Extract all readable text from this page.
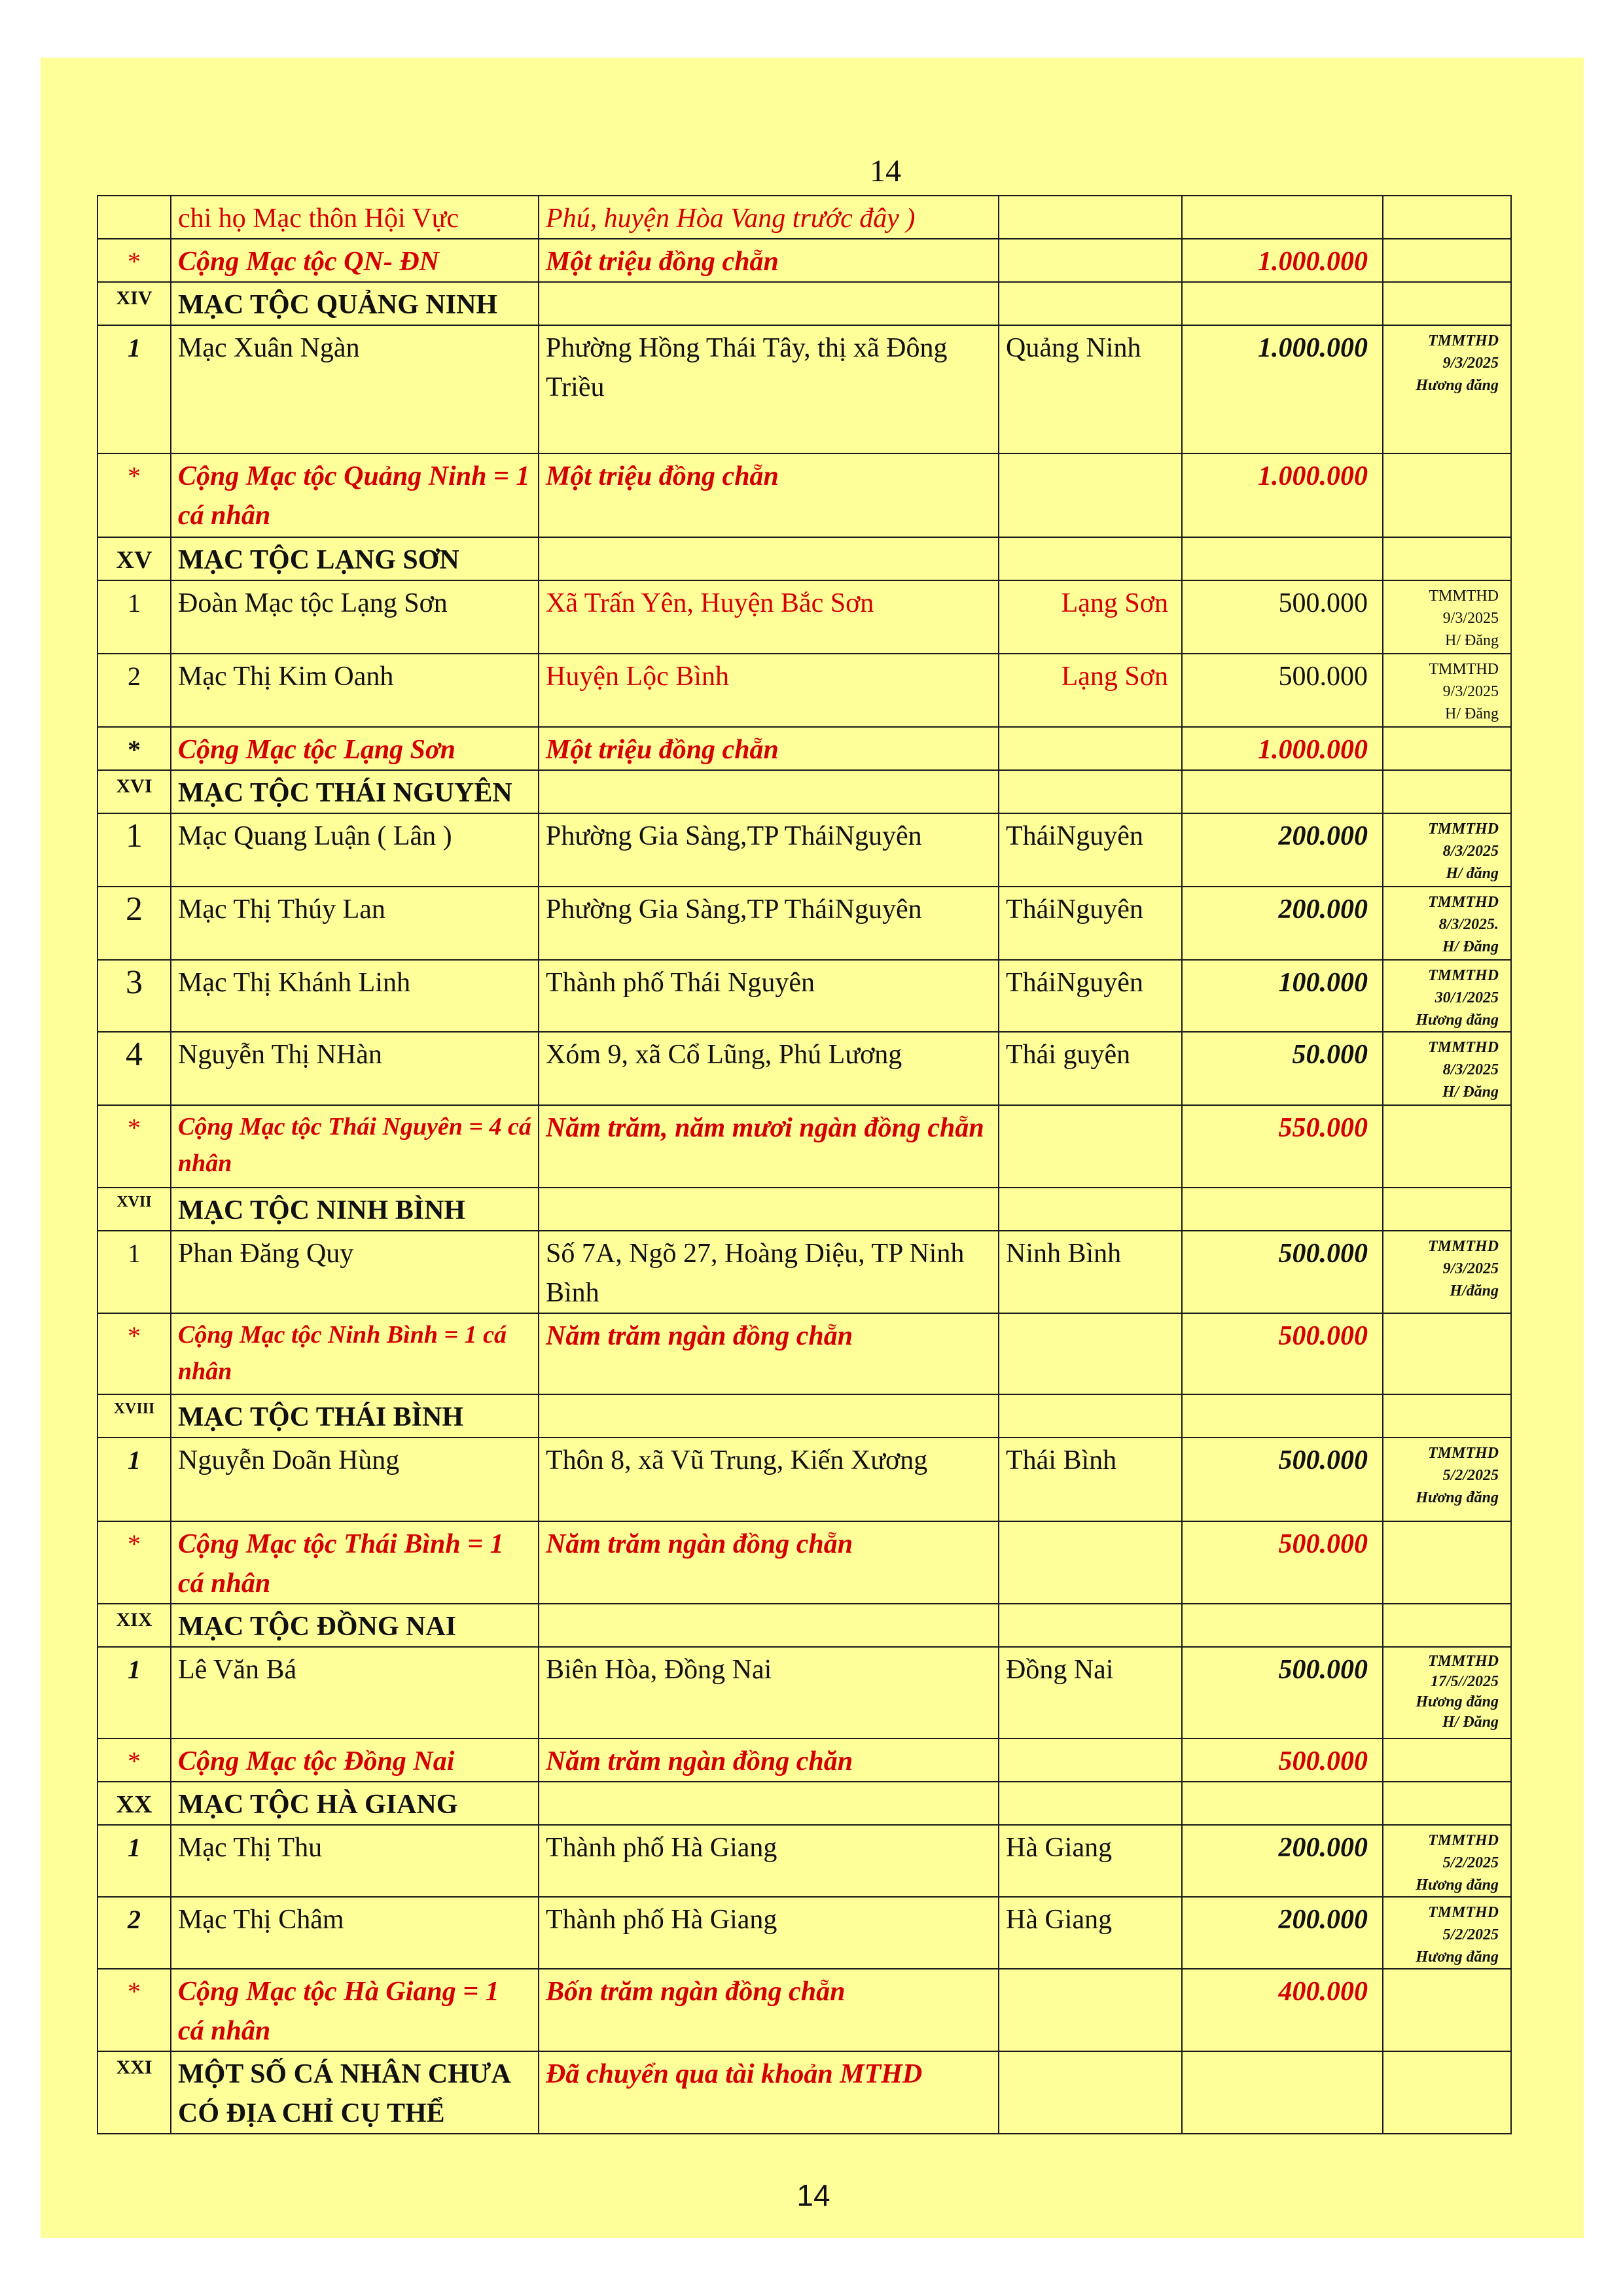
14
	chi họ Mạc thôn Hội Vực	Phú, huyện Hòa Vang trước đây )			
*	Cộng Mạc tộc QN- ĐN	Một triệu đồng chẵn		1.000.000	
XIV	MẠC TỘC QUẢNG NINH				
1	Mạc Xuân Ngàn	Phường Hồng Thái Tây, thị xã Đông Triều	Quảng Ninh	1.000.000	TMMTHD
9/3/2025
Hương đăng

*	Cộng Mạc tộc Quảng Ninh = 1 cá nhân	Một triệu đồng chẵn		1.000.000	
XV	MẠC TỘC LẠNG SƠN				
1	Đoàn Mạc tộc Lạng Sơn	Xã Trấn Yên, Huyện Bắc Sơn	Lạng Sơn	500.000	TMMTHD
9/3/2025
H/ Đăng

2	Mạc Thị Kim Oanh	Huyện Lộc Bình	Lạng Sơn	500.000	TMMTHD
9/3/2025
H/ Đăng

*	Cộng Mạc tộc Lạng Sơn	Một triệu đồng chẵn		1.000.000	
XVI	MẠC TỘC THÁI NGUYÊN				
1	Mạc Quang Luận ( Lân )	Phường Gia Sàng,TP TháiNguyên	TháiNguyên	200.000	TMMTHD
8/3/2025
H/ đăng

2	Mạc Thị Thúy Lan	Phường Gia Sàng,TP TháiNguyên	TháiNguyên	200.000	TMMTHD
8/3/2025.
H/ Đăng

3	Mạc Thị Khánh Linh	Thành phố Thái Nguyên	TháiNguyên	100.000	TMMTHD
30/1/2025
Hương đăng

4	Nguyễn Thị NHàn	Xóm 9, xã Cổ Lũng, Phú Lương	Thái guyên	50.000	TMMTHD
8/3/2025
H/ Đăng

*	Cộng Mạc tộc Thái Nguyên = 4 cá nhân	Năm trăm, năm mươi ngàn đồng chẵn		550.000	
XVII	MẠC TỘC NINH BÌNH				
1	Phan Đăng Quy	Số 7A, Ngõ 27, Hoàng Diệu, TP Ninh Bình	Ninh Bình	500.000	TMMTHD
9/3/2025
H/đăng

*	Cộng Mạc tộc Ninh Bình = 1 cá nhân	Năm trăm ngàn đồng chẵn		500.000	
XVIII	MẠC TỘC THÁI BÌNH				
1	Nguyễn Doãn Hùng	Thôn 8, xã Vũ Trung, Kiến Xương	Thái Bình	500.000	TMMTHD
5/2/2025
Hương đăng

*	Cộng Mạc tộc Thái Bình = 1 cá nhân	Năm trăm ngàn đồng chẵn		500.000	
XIX	MẠC TỘC ĐỒNG NAI				
1	Lê Văn Bá	Biên Hòa, Đồng Nai	Đồng Nai	500.000	TMMTHD
17/5//2025
Hương đăng
H/ Đăng

*	Cộng Mạc tộc Đồng Nai	Năm trăm ngàn đồng chăn		500.000	
XX	MẠC TỘC HÀ GIANG				
1	Mạc Thị Thu	Thành phố Hà Giang	Hà Giang	200.000	TMMTHD
5/2/2025
Hương đăng

2	Mạc Thị Châm	Thành phố Hà Giang	Hà Giang	200.000	TMMTHD
5/2/2025
Hương đăng

*	Cộng Mạc tộc Hà Giang = 1 cá nhân	Bốn trăm ngàn đồng chẵn		400.000	
XXI	MỘT SỐ CÁ NHÂN CHƯA CÓ ĐỊA CHỈ CỤ THỂ	Đã chuyển qua tài khoản MTHD			
14
